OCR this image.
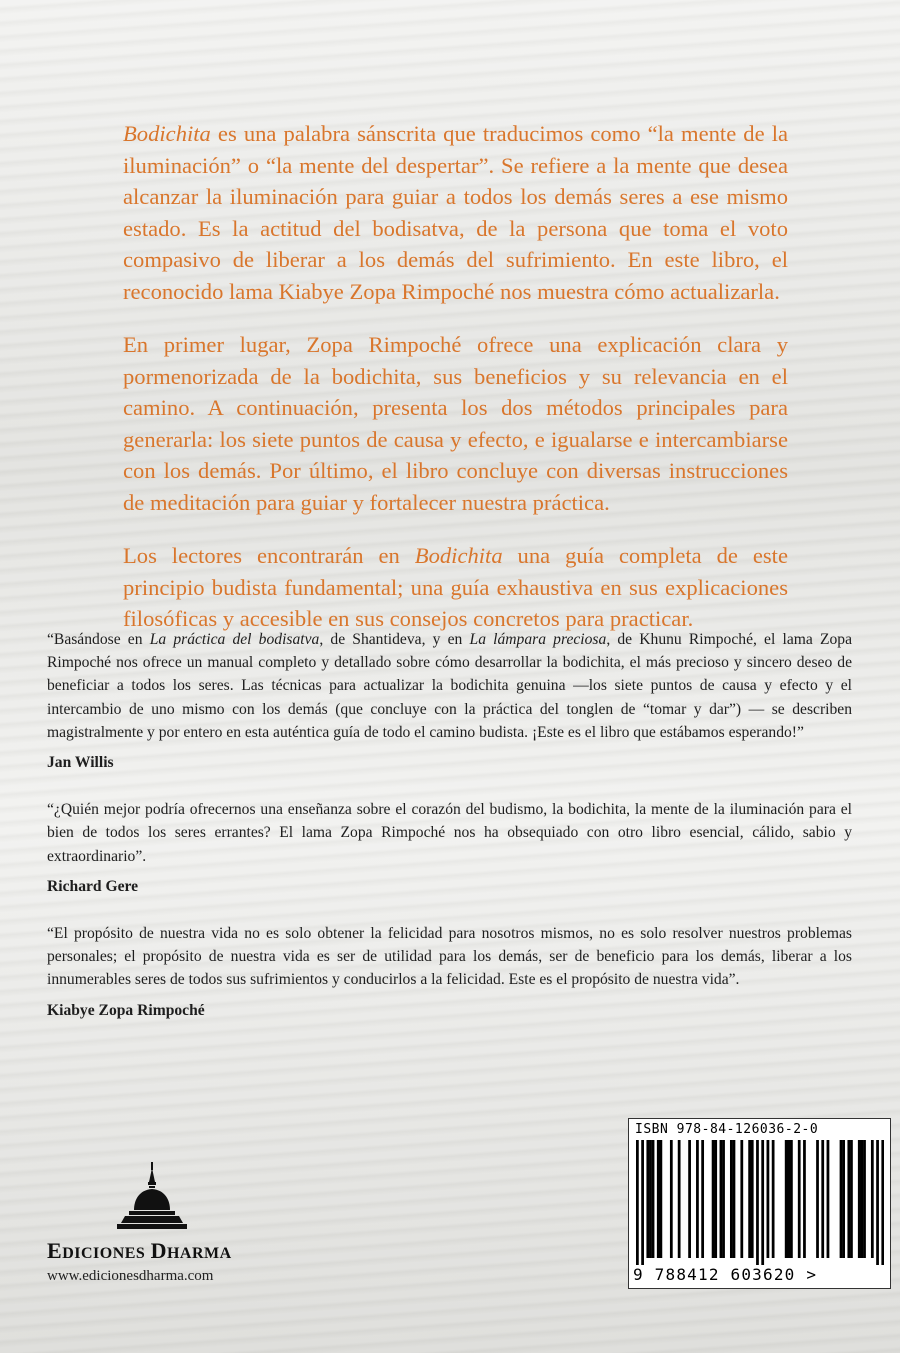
Bodichita es una palabra sánscrita que traducimos como “la mente de la iluminación” o “la mente del despertar”. Se refiere a la mente que desea alcanzar la iluminación para guiar a todos los demás seres a ese mismo estado. Es la actitud del bodisatva, de la persona que toma el voto compasivo de liberar a los demás del sufrimiento. En este libro, el reconocido lama Kiabye Zopa Rimpoché nos muestra cómo actualizarla.

En primer lugar, Zopa Rimpoché ofrece una explicación clara y pormenorizada de la bodichita, sus beneficios y su relevancia en el camino. A continuación, presenta los dos métodos principales para generarla: los siete puntos de causa y efecto, e igualarse e intercambiarse con los demás. Por último, el libro concluye con diversas instrucciones de meditación para guiar y fortalecer nuestra práctica.

Los lectores encontrarán en Bodichita una guía completa de este principio budista fundamental; una guía exhaustiva en sus explicaciones filosóficas y accesible en sus consejos concretos para practicar.

“Basándose en La práctica del bodisatva, de Shantideva, y en La lámpara preciosa, de Khunu Rimpoché, el lama Zopa Rimpoché nos ofrece un manual completo y detallado sobre cómo desarrollar la bodichita, el más precioso y sincero deseo de beneficiar a todos los seres. Las técnicas para actualizar la bodichita genuina —los siete puntos de causa y efecto y el intercambio de uno mismo con los demás (que concluye con la práctica del tonglen de “tomar y dar”) — se describen magistralmente y por entero en esta auténtica guía de todo el camino budista. ¡Este es el libro que estábamos esperando!”

Jan Willis

“¿Quién mejor podría ofrecernos una enseñanza sobre el corazón del budismo, la bodichita, la mente de la iluminación para el bien de todos los seres errantes? El lama Zopa Rimpoché nos ha obsequiado con otro libro esencial, cálido, sabio y extraordinario”.

Richard Gere

“El propósito de nuestra vida no es solo obtener la felicidad para nosotros mismos, no es solo resolver nuestros problemas personales; el propósito de nuestra vida es ser de utilidad para los demás, ser de beneficio para los demás, liberar a los innumerables seres de todos sus sufrimientos y conducirlos a la felicidad. Este es el propósito de nuestra vida”.

Kiabye Zopa Rimpoché
EDICIONES DHARMA
www.edicionesdharma.com
ISBN 978-84-126036-2-0
9 788412 603620 >
